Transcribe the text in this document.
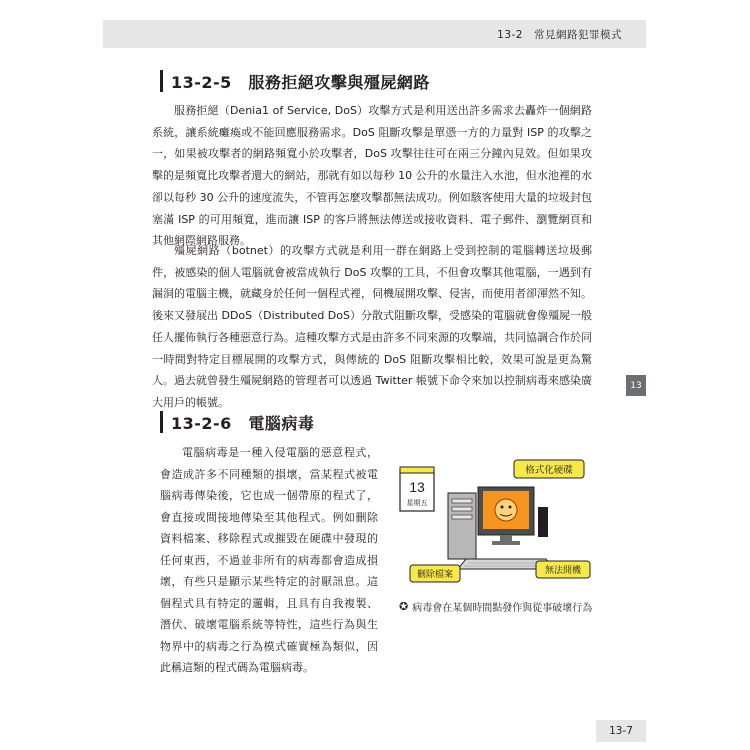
13-2　常見網路犯罪模式
13-2-5　服務拒絕攻擊與殭屍網路

服務拒絕（Denia1 of Service, DoS）攻擊方式是利用送出許多需求去轟炸一個網路系統，讓系統癱瘓或不能回應服務需求。DoS 阻斷攻擊是單憑一方的力量對 ISP 的攻擊之一，如果被攻擊者的網路頻寬小於攻擊者，DoS 攻擊往往可在兩三分鐘內見效。但如果攻擊的是頻寬比攻擊者還大的網站，那就有如以每秒 10 公升的水量注入水池，但水池裡的水卻以每秒 30 公升的速度流失，不管再怎麼攻擊都無法成功。例如駭客使用大量的垃圾封包塞滿 ISP 的可用頻寬，進而讓 ISP 的客戶將無法傳送或接收資料、電子郵件、瀏覽網頁和其他網際網路服務。

殭屍網路（botnet）的攻擊方式就是利用一群在網路上受到控制的電腦轉送垃圾郵件，被感染的個人電腦就會被當成執行 DoS 攻擊的工具，不但會攻擊其他電腦，一遇到有漏洞的電腦主機，就藏身於任何一個程式裡，伺機展開攻擊、侵害，而使用者卻渾然不知。後來又發展出 DDoS（Distributed DoS）分散式阻斷攻擊，受感染的電腦就會像殭屍一般任人擺佈執行各種惡意行為。這種攻擊方式是由許多不同來源的攻擊端，共同協調合作於同一時間對特定目標展開的攻擊方式，與傳統的 DoS 阻斷攻擊相比較，效果可說是更為驚人。過去就曾發生殭屍網路的管理者可以透過 Twitter 帳號下命令來加以控制病毒來感染廣大用戶的帳號。

13
13-2-6　電腦病毒

電腦病毒是一種入侵電腦的惡意程式，會造成許多不同種類的損壞，當某程式被電腦病毒傳染後，它也成一個帶原的程式了，會直接或間接地傳染至其他程式。例如刪除資料檔案、移除程式或摧毀在硬碟中發現的任何東西，不過並非所有的病毒都會造成損壞，有些只是顯示某些特定的討厭訊息。這個程式具有特定的邏輯，且具有自我複製、潛伏、破壞電腦系統等特性，這些行為與生物界中的病毒之行為模式確實極為類似，因此稱這類的程式碼為電腦病毒。

13
星期五
格式化硬碟
刪除檔案	無法開機
✪ 病毒會在某個時間點發作與從事破壞行為
13-7
